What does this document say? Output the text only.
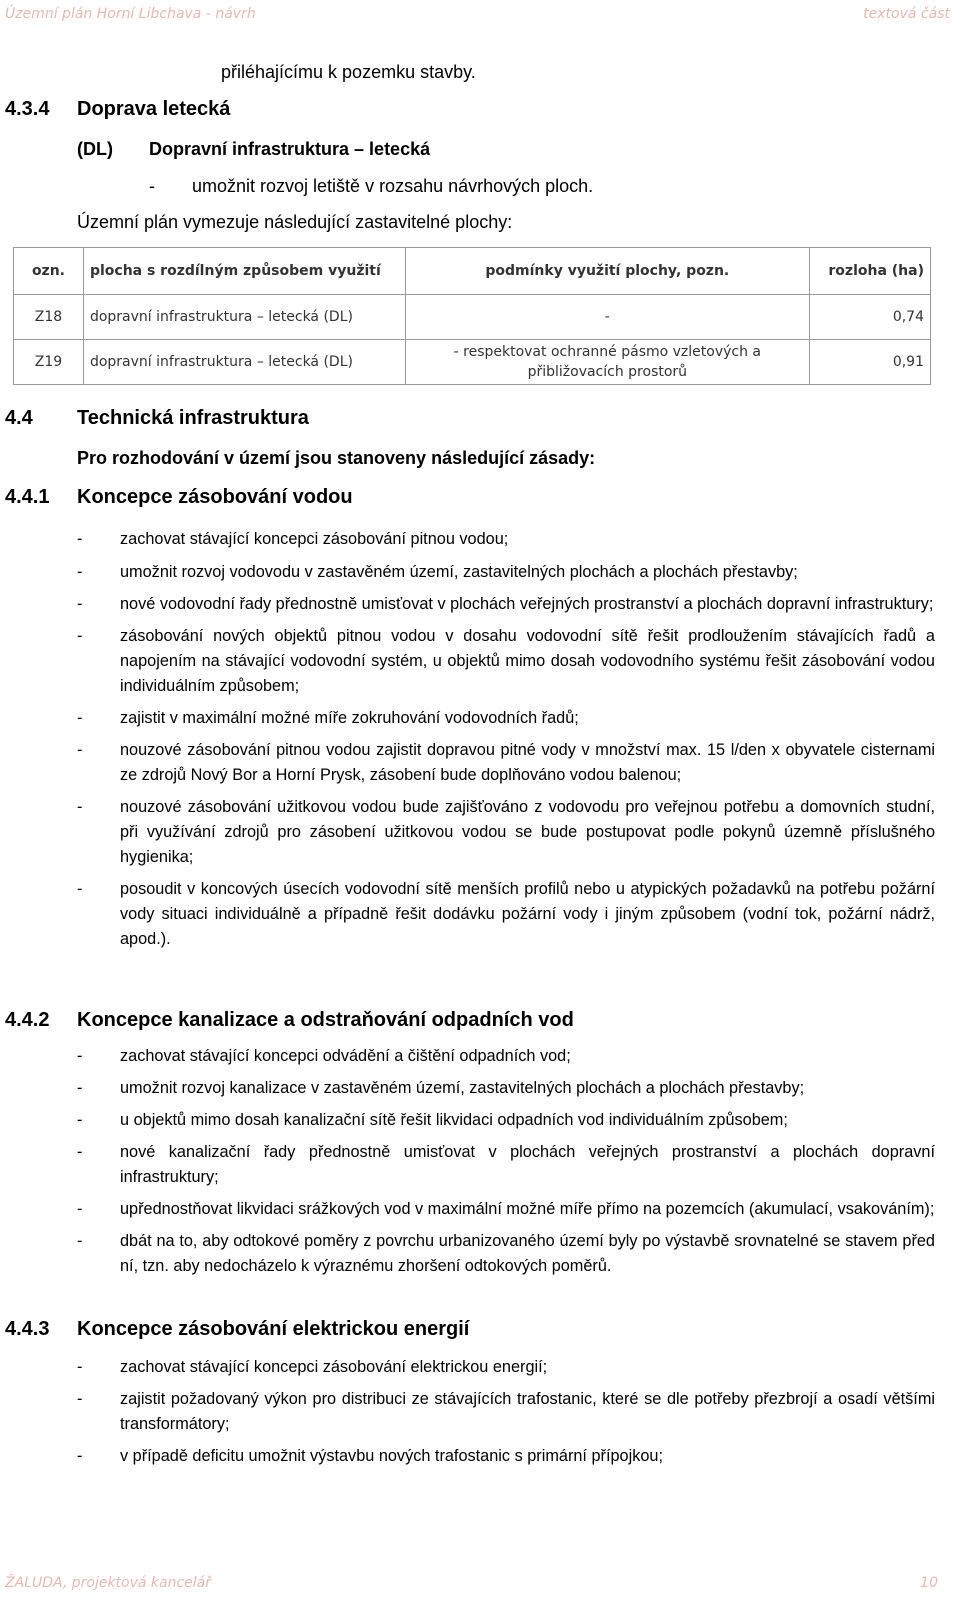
Územní plán Horní Libchava - návrh	textová část
přiléhajícímu k pozemku stavby.
4.3.4 Doprava letecká
(DL) Dopravní infrastruktura – letecká
- umožnit rozvoj letiště v rozsahu návrhových ploch.
Územní plán vymezuje následující zastavitelné plochy:
ozn.	plocha s rozdílným způsobem využití	podmínky využití plochy, pozn.	rozloha (ha)
Z18	dopravní infrastruktura – letecká (DL)	-	0,74
Z19	dopravní infrastruktura – letecká (DL)	- respektovat ochranné pásmo vzletových a přibližovacích prostorů	0,91
4.4 Technická infrastruktura
Pro rozhodování v území jsou stanoveny následující zásady:
4.4.1 Koncepce zásobování vodou
- zachovat stávající koncepci zásobování pitnou vodou;
- umožnit rozvoj vodovodu v zastavěném území, zastavitelných plochách a plochách přestavby;
- nové vodovodní řady přednostně umisťovat v plochách veřejných prostranství a plochách dopravní infrastruktury;
- zásobování nových objektů pitnou vodou v dosahu vodovodní sítě řešit prodloužením stávajících řadů a napojením na stávající vodovodní systém, u objektů mimo dosah vodovodního systému řešit zásobování vodou individuálním způsobem;
- zajistit v maximální možné míře zokruhování vodovodních řadů;
- nouzové zásobování pitnou vodou zajistit dopravou pitné vody v množství max. 15 l/den x obyvatele cisternami ze zdrojů Nový Bor a Horní Prysk, zásobení bude doplňováno vodou balenou;
- nouzové zásobování užitkovou vodou bude zajišťováno z vodovodu pro veřejnou potřebu a domovních studní, při využívání zdrojů pro zásobení užitkovou vodou se bude postupovat podle pokynů územně příslušného hygienika;
- posoudit v koncových úsecích vodovodní sítě menších profilů nebo u atypických požadavků na potřebu požární vody situaci individuálně a případně řešit dodávku požární vody i jiným způsobem (vodní tok, požární nádrž, apod.).
4.4.2 Koncepce kanalizace a odstraňování odpadních vod
- zachovat stávající koncepci odvádění a čištění odpadních vod;
- umožnit rozvoj kanalizace v zastavěném území, zastavitelných plochách a plochách přestavby;
- u objektů mimo dosah kanalizační sítě řešit likvidaci odpadních vod individuálním způsobem;
- nové kanalizační řady přednostně umisťovat v plochách veřejných prostranství a plochách dopravní infrastruktury;
- upřednostňovat likvidaci srážkových vod v maximální možné míře přímo na pozemcích (akumulací, vsakováním);
- dbát na to, aby odtokové poměry z povrchu urbanizovaného území byly po výstavbě srovnatelné se stavem před ní, tzn. aby nedocházelo k výraznému zhoršení odtokových poměrů.
4.4.3 Koncepce zásobování elektrickou energií
- zachovat stávající koncepci zásobování elektrickou energií;
- zajistit požadovaný výkon pro distribuci ze stávajících trafostanic, které se dle potřeby přezbrojí a osadí většími transformátory;
- v případě deficitu umožnit výstavbu nových trafostanic s primární přípojkou;
ŽALUDA, projektová kancelář	10
